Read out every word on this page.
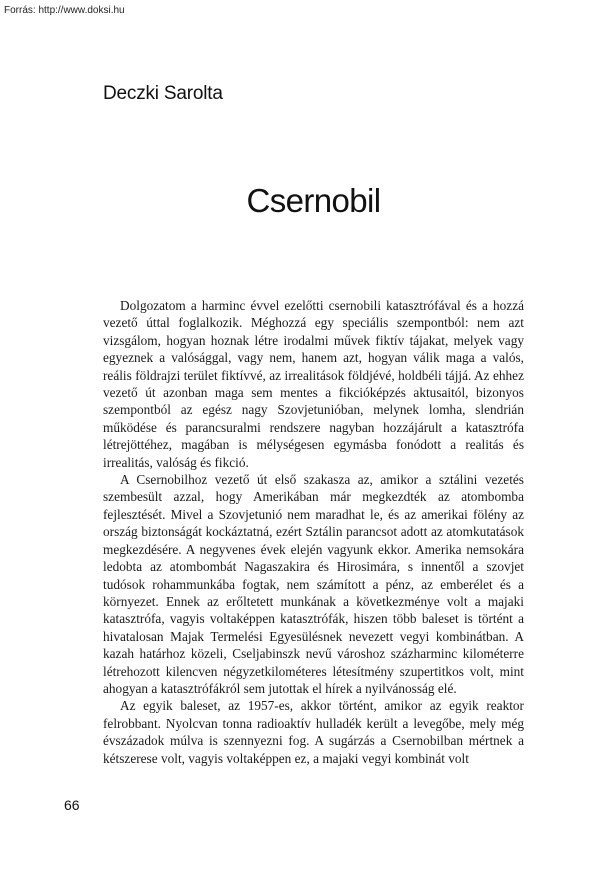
Forrás: http://www.doksi.hu
Deczki Sarolta
Csernobil

Dolgozatom a harminc évvel ezelőtti csernobili katasztrófával és a hozzá vezető úttal foglalkozik. Méghozzá egy speciális szempontból: nem azt vizsgálom, hogyan hoznak létre irodalmi művek fiktív tájakat, melyek vagy egyeznek a valósággal, vagy nem, hanem azt, hogyan válik maga a valós, reális földrajzi terület fiktívvé, az irrealitások földjévé, holdbéli tájjá. Az ehhez vezető út azonban maga sem mentes a fikcióképzés aktusaitól, bizonyos szempontból az egész nagy Szovjetunióban, melynek lomha, slendrián működése és parancsuralmi rendszere nagyban hozzájárult a katasztrófa létrejöttéhez, magában is mélységesen egymásba fonódott a realitás és irrealitás, valóság és fikció.

A Csernobilhoz vezető út első szakasza az, amikor a sztálini vezetés szembesült azzal, hogy Amerikában már megkezdték az atombomba fejlesztését. Mivel a Szovjetunió nem maradhat le, és az amerikai fölény az ország biztonságát kockáztatná, ezért Sztálin parancsot adott az atomkutatások megkezdésére. A negyvenes évek elején vagyunk ekkor. Amerika nemsokára ledobta az atombombát Nagaszakira és Hirosimára, s innentől a szovjet tudósok rohammunkába fogtak, nem számított a pénz, az emberélet és a környezet. Ennek az erőltetett munkának a következménye volt a majaki katasztrófa, vagyis voltaképpen katasztrófák, hiszen több baleset is történt a hivatalosan Majak Termelési Egyesülésnek nevezett vegyi kombinátban. A kazah határhoz közeli, Cseljabinszk nevű városhoz százharminc kilométerre létrehozott kilencven négyzetkilométeres létesítmény szupertitkos volt, mint ahogyan a katasztrófákról sem jutottak el hírek a nyilvánosság elé.

Az egyik baleset, az 1957-es, akkor történt, amikor az egyik reaktor felrobbant. Nyolcvan tonna radioaktív hulladék került a levegőbe, mely még évszázadok múlva is szennyezni fog. A sugárzás a Csernobilban mértnek a kétszerese volt, vagyis voltaképpen ez, a majaki vegyi kombinát volt

66
